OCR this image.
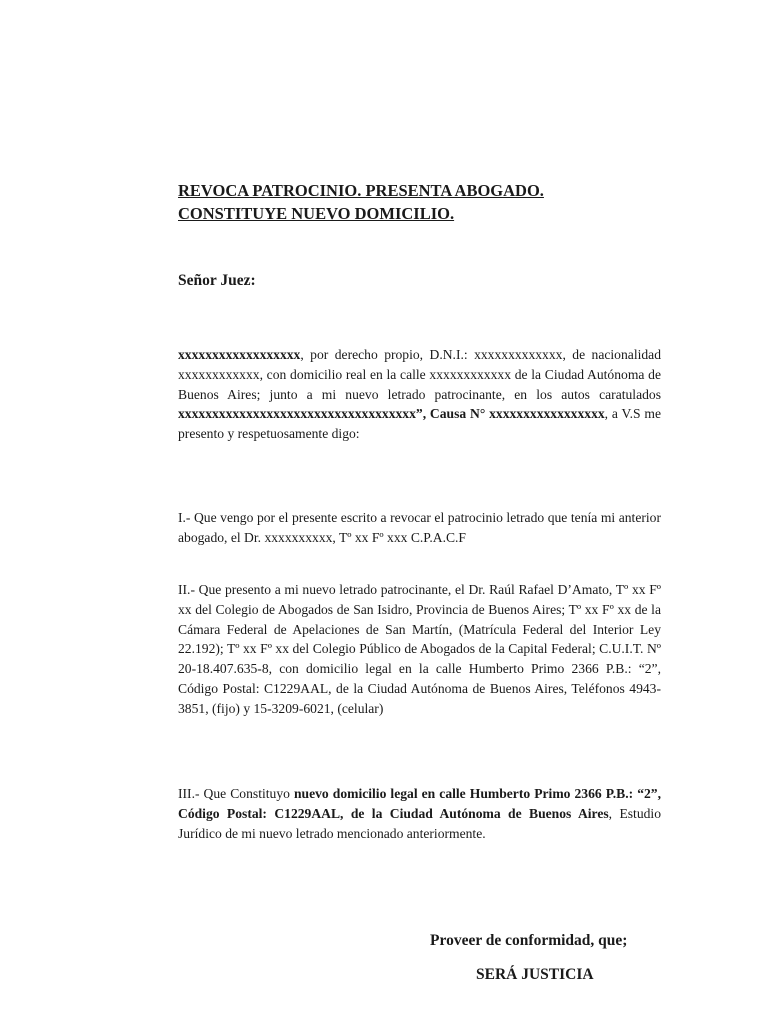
REVOCA PATROCINIO. PRESENTA ABOGADO.
CONSTITUYE NUEVO DOMICILIO.
Señor Juez:
xxxxxxxxxxxxxxxxxx, por derecho propio, D.N.I.: xxxxxxxxxxxxx, de nacionalidad xxxxxxxxxxxx, con domicilio real en la calle xxxxxxxxxxxx de la Ciudad Autónoma de Buenos Aires; junto a mi nuevo letrado patrocinante, en los autos caratulados xxxxxxxxxxxxxxxxxxxxxxxxxxxxxxxxxxx”, Causa N° xxxxxxxxxxxxxxxxx, a V.S me presento y respetuosamente digo:
I.- Que vengo por el presente escrito a revocar el patrocinio letrado que tenía mi anterior abogado, el Dr. xxxxxxxxxx, Tº xx Fº xxx C.P.A.C.F
II.- Que presento a mi nuevo letrado patrocinante, el Dr. Raúl Rafael D’Amato, Tº xx Fº xx del Colegio de Abogados de San Isidro, Provincia de Buenos Aires; Tº xx Fº xx de la Cámara Federal de Apelaciones de San Martín, (Matrícula Federal del Interior Ley 22.192); Tº xx Fº xx del Colegio Público de Abogados de la Capital Federal; C.U.I.T. Nº 20-18.407.635-8, con domicilio legal en la calle Humberto Primo 2366 P.B.: “2”, Código Postal: C1229AAL, de la Ciudad Autónoma de Buenos Aires, Teléfonos 4943-3851, (fijo) y 15-3209-6021, (celular)
III.- Que Constituyo nuevo domicilio legal en calle Humberto Primo 2366 P.B.: “2”, Código Postal: C1229AAL, de la Ciudad Autónoma de Buenos Aires, Estudio Jurídico de mi nuevo letrado mencionado anteriormente.
Proveer de conformidad, que;
SERÁ JUSTICIA
